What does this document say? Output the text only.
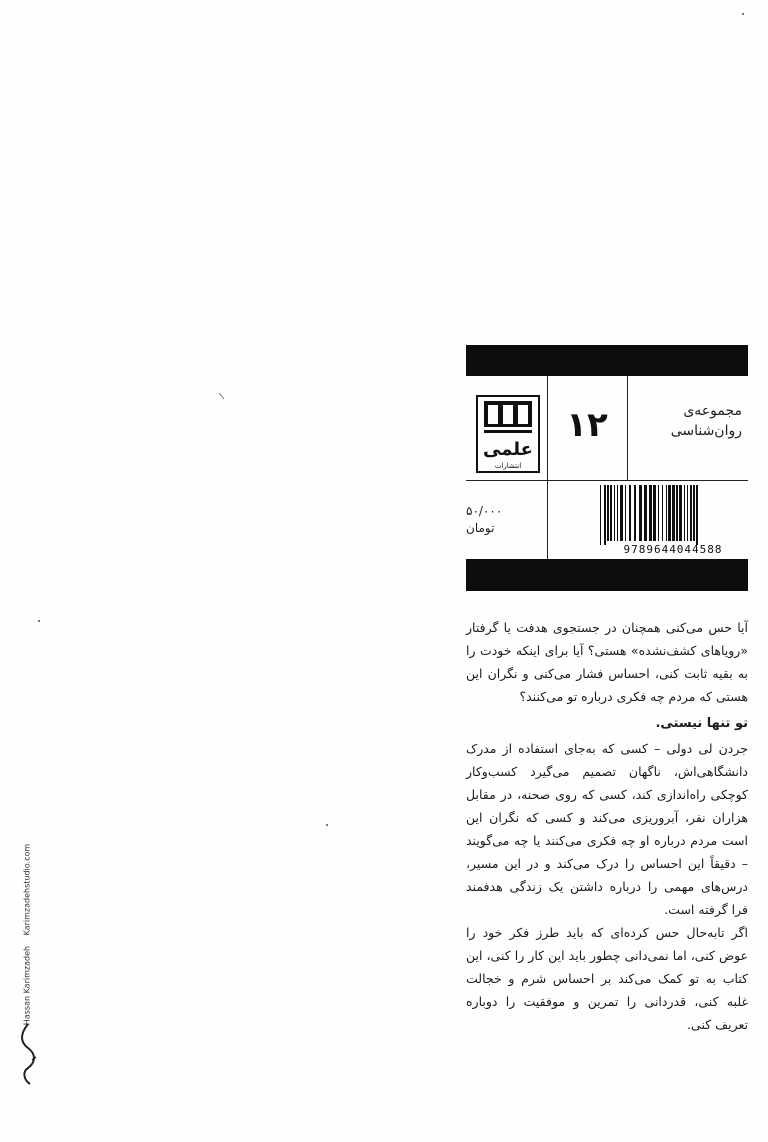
علمی
انتشارات
۱۲	مجموعه‌ی
روان‌شناسی
۵۰/۰۰۰
تومان
9789644044588

آیا حس می‌کنی همچنان در جستجوی هدفت یا گرفتار «رویاهای کشف‌نشده» هستی؟ آیا برای اینکه خودت را به بقیه ثابت کنی، احساس فشار می‌کنی و نگران این هستی که مردم چه فکری درباره تو می‌کنند؟

تو تنها نیستی.

جردن لی دولی – کسی که به‌جای استفاده از مدرک دانشگاهی‌اش، ناگهان تصمیم می‌گیرد کسب‌وکار کوچکی راه‌اندازی کند، کسی که روی صحنه، در مقابل هزاران نفر، آبروریزی می‌کند و کسی که نگران این است مردم درباره او چه فکری می‌کنند یا چه می‌گویند – دقیقاً این احساس را درک می‌کند و در این مسیر، درس‌های مهمی را درباره داشتن یک زندگی هدفمند فرا گرفته است.

اگر تابه‌حال حس کرده‌ای که باید طرز فکر خود را عوض کنی، اما نمی‌دانی چطور باید این کار را کنی، این کتاب به تو کمک می‌کند بر احساس شرم و خجالت غلبه کنی، قدردانی را تمرین و موفقیت را دوباره تعریف کنی.

Hassan Karimzadeh Karimzadehstudio.com
